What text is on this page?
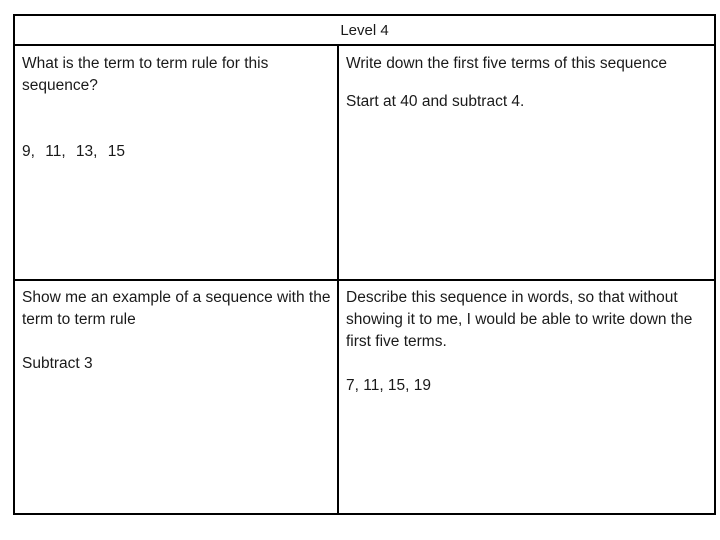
Level 4

What is the term to term rule for this sequence?

9, 11, 13, 15

Write down the first five terms of this sequence

Start at 40 and subtract 4.

Show me an example of a sequence with the term to term rule

Subtract 3

Describe this sequence in words, so that without showing it to me, I would be able to write down the first five terms.

7, 11, 15, 19
